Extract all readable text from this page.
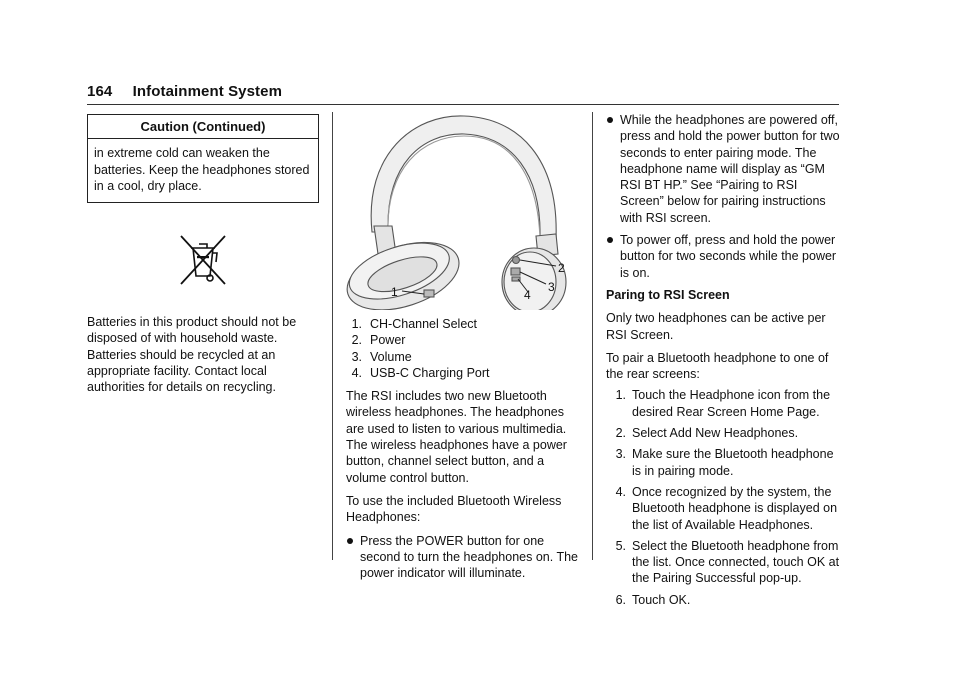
164 Infotainment System
Caution (Continued)
in extreme cold can weaken the batteries. Keep the headphones stored in a cool, dry place.

Batteries in this product should not be disposed of with household waste. Batteries should be recycled at an appropriate facility. Contact local authorities for details on recycling.

2
3
4
1
1. CH-Channel Select
2. Power
3. Volume
4. USB-C Charging Port

The RSI includes two new Bluetooth wireless headphones. The headphones are used to listen to various multimedia. The wireless headphones have a power button, channel select button, and a volume control button.

To use the included Bluetooth Wireless Headphones:

Press the POWER button for one second to turn the headphones on. The power indicator will illuminate.
While the headphones are powered off, press and hold the power button for two seconds to enter pairing mode. The headphone name will display as “GM RSI BT HP.” See “Pairing to RSI Screen” below for pairing instructions with RSI screen.
To power off, press and hold the power button for two seconds while the power is on.

Paring to RSI Screen

Only two headphones can be active per RSI Screen.

To pair a Bluetooth headphone to one of the rear screens:

1. Touch the Headphone icon from the desired Rear Screen Home Page.
2. Select Add New Headphones.
3. Make sure the Bluetooth headphone is in pairing mode.
4. Once recognized by the system, the Bluetooth headphone is displayed on the list of Available Headphones.
5. Select the Bluetooth headphone from the list. Once connected, touch OK at the Pairing Successful pop-up.
6. Touch OK.
